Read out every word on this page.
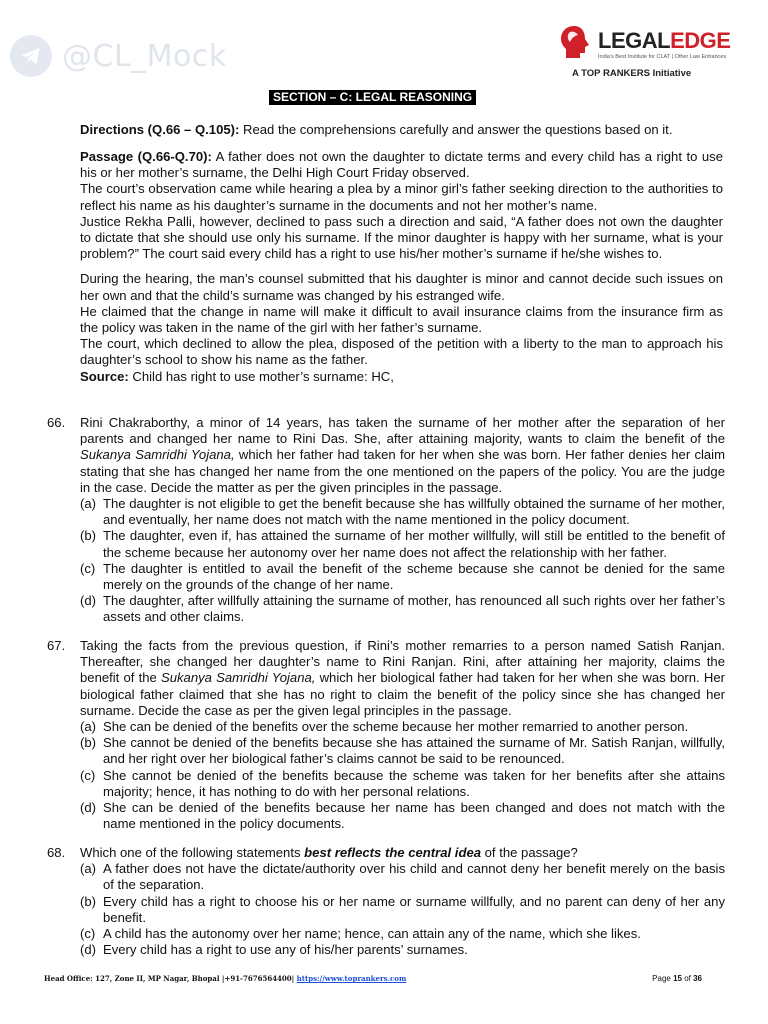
@CL_Mock	LEGALEDGE
India's Best Institute for CLAT | Other Law Entrances
A TOP RANKERS Initiative
SECTION – C: LEGAL REASONING

Directions (Q.66 – Q.105): Read the comprehensions carefully and answer the questions based on it.

Passage (Q.66-Q.70): A father does not own the daughter to dictate terms and every child has a right to use his or her mother’s surname, the Delhi High Court Friday observed.
The court’s observation came while hearing a plea by a minor girl’s father seeking direction to the authorities to reflect his name as his daughter’s surname in the documents and not her mother’s name.
Justice Rekha Palli, however, declined to pass such a direction and said, “A father does not own the daughter to dictate that she should use only his surname. If the minor daughter is happy with her surname, what is your problem?” The court said every child has a right to use his/her mother’s surname if he/she wishes to.
During the hearing, the man’s counsel submitted that his daughter is minor and cannot decide such issues on her own and that the child’s surname was changed by his estranged wife.
He claimed that the change in name will make it difficult to avail insurance claims from the insurance firm as the policy was taken in the name of the girl with her father’s surname.
The court, which declined to allow the plea, disposed of the petition with a liberty to the man to approach his daughter’s school to show his name as the father.
Source: Child has right to use mother’s surname: HC,
66.	Rini Chakraborthy, a minor of 14 years, has taken the surname of her mother after the separation of her parents and changed her name to Rini Das. She, after attaining majority, wants to claim the benefit of the Sukanya Samridhi Yojana, which her father had taken for her when she was born. Her father denies her claim stating that she has changed her name from the one mentioned on the papers of the policy. You are the judge in the case. Decide the matter as per the given principles in the passage.
(a) The daughter is not eligible to get the benefit because she has willfully obtained the surname of her mother, and eventually, her name does not match with the name mentioned in the policy document.
(b) The daughter, even if, has attained the surname of her mother willfully, will still be entitled to the benefit of the scheme because her autonomy over her name does not affect the relationship with her father.
(c) The daughter is entitled to avail the benefit of the scheme because she cannot be denied for the same merely on the grounds of the change of her name.
(d) The daughter, after willfully attaining the surname of mother, has renounced all such rights over her father’s assets and other claims.
67.	Taking the facts from the previous question, if Rini’s mother remarries to a person named Satish Ranjan. Thereafter, she changed her daughter’s name to Rini Ranjan. Rini, after attaining her majority, claims the benefit of the Sukanya Samridhi Yojana, which her biological father had taken for her when she was born. Her biological father claimed that she has no right to claim the benefit of the policy since she has changed her surname. Decide the case as per the given legal principles in the passage.
(a) She can be denied of the benefits over the scheme because her mother remarried to another person.
(b) She cannot be denied of the benefits because she has attained the surname of Mr. Satish Ranjan, willfully, and her right over her biological father’s claims cannot be said to be renounced.
(c) She cannot be denied of the benefits because the scheme was taken for her benefits after she attains majority; hence, it has nothing to do with her personal relations.
(d) She can be denied of the benefits because her name has been changed and does not match with the name mentioned in the policy documents.
68.	Which one of the following statements best reflects the central idea of the passage?
(a) A father does not have the dictate/authority over his child and cannot deny her benefit merely on the basis of the separation.
(b) Every child has a right to choose his or her name or surname willfully, and no parent can deny of her any benefit.
(c) A child has the autonomy over her name; hence, can attain any of the name, which she likes.
(d) Every child has a right to use any of his/her parents’ surnames.
Head Office: 127, Zone II, MP Nagar, Bhopal |+91-7676564400| https://www.toprankers.com	Page 15 of 36
